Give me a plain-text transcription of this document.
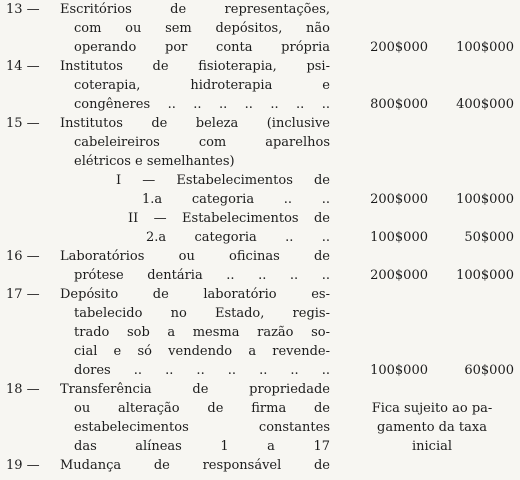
13 —	Escritórios de representações,
com ou sem depósitos, não
operando por conta própria	200$000	100$000
14 —	Institutos de fisioterapia, psi-
coterapia, hidroterapia e
congêneres .. .. .. .. .. .. ..	800$000	400$000
15 —	Institutos de beleza (inclusive
cabeleireiros com aparelhos
elétricos e semelhantes)
I — Estabelecimentos de
1.a categoria .. ..	200$000	100$000
II — Estabelecimentos de
2.a categoria .. ..	100$000	50$000
16 —	Laboratórios ou oficinas de
prótese dentária .. .. .. ..	200$000	100$000
17 —	Depósito de laboratório es-
tabelecido no Estado, regis-
trado sob a mesma razão so-
cial e só vendendo a revende-
dores .. .. .. .. .. .. ..	100$000	60$000
18 —	Transferência de propriedade
ou alteração de firma de	Fica sujeito ao pa-
estabelecimentos constantes	gamento da taxa
das alíneas 1 a 17	inicial
19 —	Mudança de responsável de
